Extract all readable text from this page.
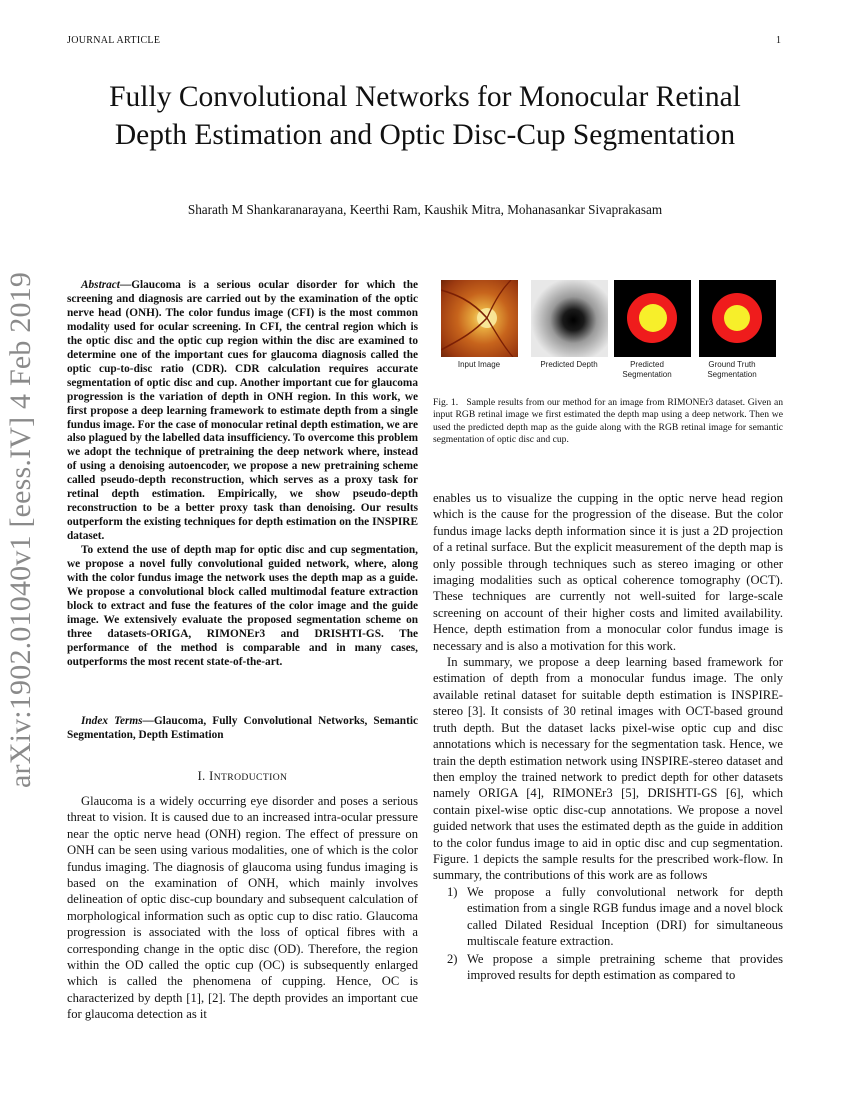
JOURNAL ARTICLE	1
arXiv:1902.01040v1 [eess.IV] 4 Feb 2019
Fully Convolutional Networks for Monocular Retinal Depth Estimation and Optic Disc-Cup Segmentation
Sharath M Shankaranarayana, Keerthi Ram, Kaushik Mitra, Mohanasankar Sivaprakasam

Abstract—Glaucoma is a serious ocular disorder for which the screening and diagnosis are carried out by the examination of the optic nerve head (ONH). The color fundus image (CFI) is the most common modality used for ocular screening. In CFI, the central region which is the optic disc and the optic cup region within the disc are examined to determine one of the important cues for glaucoma diagnosis called the optic cup-to-disc ratio (CDR). CDR calculation requires accurate segmentation of optic disc and cup. Another important cue for glaucoma progression is the variation of depth in ONH region. In this work, we first propose a deep learning framework to estimate depth from a single fundus image. For the case of monocular retinal depth estimation, we are also plagued by the labelled data insufficiency. To overcome this problem we adopt the technique of pretraining the deep network where, instead of using a denoising autoencoder, we propose a new pretraining scheme called pseudo-depth reconstruction, which serves as a proxy task for retinal depth estimation. Empirically, we show pseudo-depth reconstruction to be a better proxy task than denoising. Our results outperform the existing techniques for depth estimation on the INSPIRE dataset.

To extend the use of depth map for optic disc and cup segmentation, we propose a novel fully convolutional guided network, where, along with the color fundus image the network uses the depth map as a guide. We propose a convolutional block called multimodal feature extraction block to extract and fuse the features of the color image and the guide image. We extensively evaluate the proposed segmentation scheme on three datasets-ORIGA, RIMONEr3 and DRISHTI-GS. The performance of the method is comparable and in many cases, outperforms the most recent state-of-the-art.

Index Terms—Glaucoma, Fully Convolutional Networks, Semantic Segmentation, Depth Estimation
I. INTRODUCTION

Glaucoma is a widely occurring eye disorder and poses a serious threat to vision. It is caused due to an increased intra-ocular pressure near the optic nerve head (ONH) region. The effect of pressure on ONH can be seen using various modalities, one of which is the color fundus imaging. The diagnosis of glaucoma using fundus imaging is based on the examination of ONH, which mainly involves delineation of optic disc-cup boundary and subsequent calculation of morphological information such as optic cup to disc ratio. Glaucoma progression is associated with the loss of optical fibres with a corresponding change in the optic disc (OD). Therefore, the region within the OD called the optic cup (OC) is subsequently enlarged which is called the phenomena of cupping. Hence, OC is characterized by depth [1], [2]. The depth provides an important cue for glaucoma detection as it

Input Image	Predicted Depth	Predicted Segmentation
Ground Truth Segmentation
Fig. 1. Sample results from our method for an image from RIMONEr3 dataset. Given an input RGB retinal image we first estimated the depth map using a deep network. Then we used the predicted depth map as the guide along with the RGB retinal image for semantic segmentation of optic disc and cup.

enables us to visualize the cupping in the optic nerve head region which is the cause for the progression of the disease. But the color fundus image lacks depth information since it is just a 2D projection of a retinal surface. But the explicit measurement of the depth map is only possible through techniques such as stereo imaging or other imaging modalities such as optical coherence tomography (OCT). These techniques are currently not well-suited for large-scale screening on account of their higher costs and limited availability. Hence, depth estimation from a monocular color fundus image is necessary and is also a motivation for this work.

In summary, we propose a deep learning based framework for estimation of depth from a monocular fundus image. The only available retinal dataset for suitable depth estimation is INSPIRE-stereo [3]. It consists of 30 retinal images with OCT-based ground truth depth. But the dataset lacks pixel-wise optic cup and disc annotations which is necessary for the segmentation task. Hence, we train the depth estimation network using INSPIRE-stereo dataset and then employ the trained network to predict depth for other datasets namely ORIGA [4], RIMONEr3 [5], DRISHTI-GS [6], which contain pixel-wise optic disc-cup annotations. We propose a novel guided network that uses the estimated depth as the guide in addition to the color fundus image to aid in optic disc and cup segmentation. Figure. 1 depicts the sample results for the prescribed work-flow. In summary, the contributions of this work are as follows

1) We propose a fully convolutional network for depth estimation from a single RGB fundus image and a novel block called Dilated Residual Inception (DRI) for simultaneous multiscale feature extraction.
2) We propose a simple pretraining scheme that provides improved results for depth estimation as compared to
